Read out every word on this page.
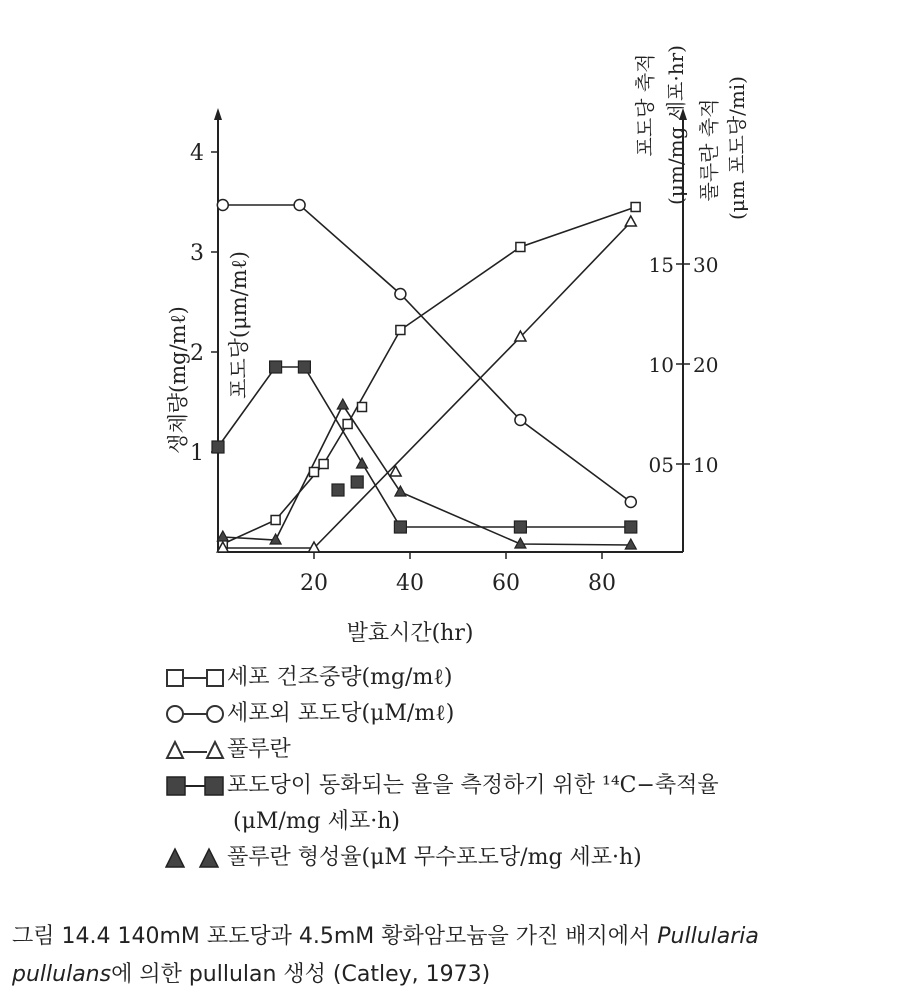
20	40	60	80
1
2
3
4
05
10
15
10
20
30
발효시간(hr)
생체량(mg/mℓ) 포도당(μm/mℓ)
포도당 축적 (μm/mg 세포·hr) 풀루란 축적 (μm 포도당/mi)
세포 건조중량(mg/mℓ)
세포외 포도당(μM/mℓ)
풀루란
포도당이 동화되는 율을 측정하기 위한 ¹⁴C−축적율
(μM/mg 세포·h)
풀루란 형성율(μM 무수포도당/mg 세포·h)
그림 14.4 140mM 포도당과 4.5mM 황화암모늄을 가진 배지에서 Pullularia
pullulans에 의한 pullulan 생성 (Catley, 1973)
